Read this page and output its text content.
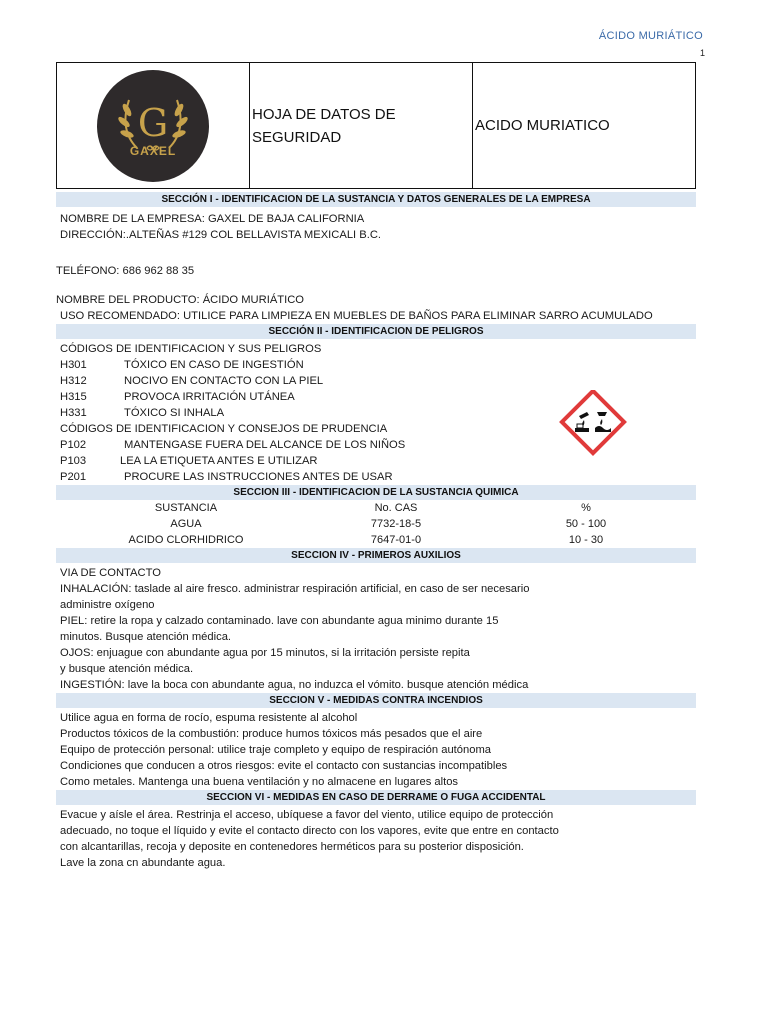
ÁCIDO MURIÁTICO
1
G
GAXEL

HOJA DE DATOS DE SEGURIDAD
	ACIDO MURIATICO
SECCIÓN I - IDENTIFICACION DE LA SUSTANCIA Y DATOS GENERALES DE LA EMPRESA
NOMBRE DE LA EMPRESA: GAXEL DE BAJA CALIFORNIA
DIRECCIÓN:.ALTEÑAS #129 COL BELLAVISTA MEXICALI B.C.
TELÉFONO: 686 962 88 35
NOMBRE DEL PRODUCTO: ÁCIDO MURIÁTICO
USO RECOMENDADO: UTILICE PARA LIMPIEZA EN MUEBLES DE BAÑOS PARA ELIMINAR SARRO ACUMULADO
SECCIÓN II - IDENTIFICACION DE PELIGROS
CÓDIGOS DE IDENTIFICACION Y SUS PELIGROS
H301	TÓXICO EN CASO DE INGESTIÓN
H312	NOCIVO EN CONTACTO CON LA PIEL
H315	PROVOCA IRRITACIÓN UTÁNEA
H331	TÓXICO SI INHALA
CÓDIGOS DE IDENTIFICACION Y CONSEJOS DE PRUDENCIA
P102	MANTENGASE FUERA DEL ALCANCE DE LOS NIÑOS
P103	LEA LA ETIQUETA ANTES E UTILIZAR
P201	PROCURE LAS INSTRUCCIONES ANTES DE USAR
SECCION III - IDENTIFICACION DE LA SUSTANCIA QUIMICA
SUSTANCIA	No. CAS	%
AGUA	7732-18-5	50 - 100
ACIDO CLORHIDRICO	7647-01-0	10 - 30
SECCION IV - PRIMEROS AUXILIOS
VIA DE CONTACTO
INHALACIÓN: taslade al aire fresco. administrar respiración artificial, en caso de ser necesario
administre oxígeno
PIEL: retire la ropa y calzado contaminado. lave con abundante agua minimo durante 15
minutos. Busque atención médica.
OJOS: enjuague con abundante agua por 15 minutos, si la irritación persiste repita
y busque atención médica.
INGESTIÓN: lave la boca con abundante agua, no induzca el vómito. busque atención médica
SECCION V - MEDIDAS CONTRA INCENDIOS
Utilice agua en forma de rocío, espuma resistente al alcohol
Productos tóxicos de la combustión: produce humos tóxicos más pesados que el aire
Equipo de protección personal: utilice traje completo y equipo de respiración autónoma
Condiciones que conducen a otros riesgos: evite el contacto con sustancias incompatibles
Como metales. Mantenga una buena ventilación y no almacene en lugares altos
SECCION VI - MEDIDAS EN CASO DE DERRAME O FUGA ACCIDENTAL
Evacue y aísle el área. Restrinja el acceso, ubíquese a favor del viento, utilice equipo de protección
adecuado, no toque el líquido y evite el contacto directo con los vapores, evite que entre en contacto
con alcantarillas, recoja y deposite en contenedores herméticos para su posterior disposición.
Lave la zona cn abundante agua.
